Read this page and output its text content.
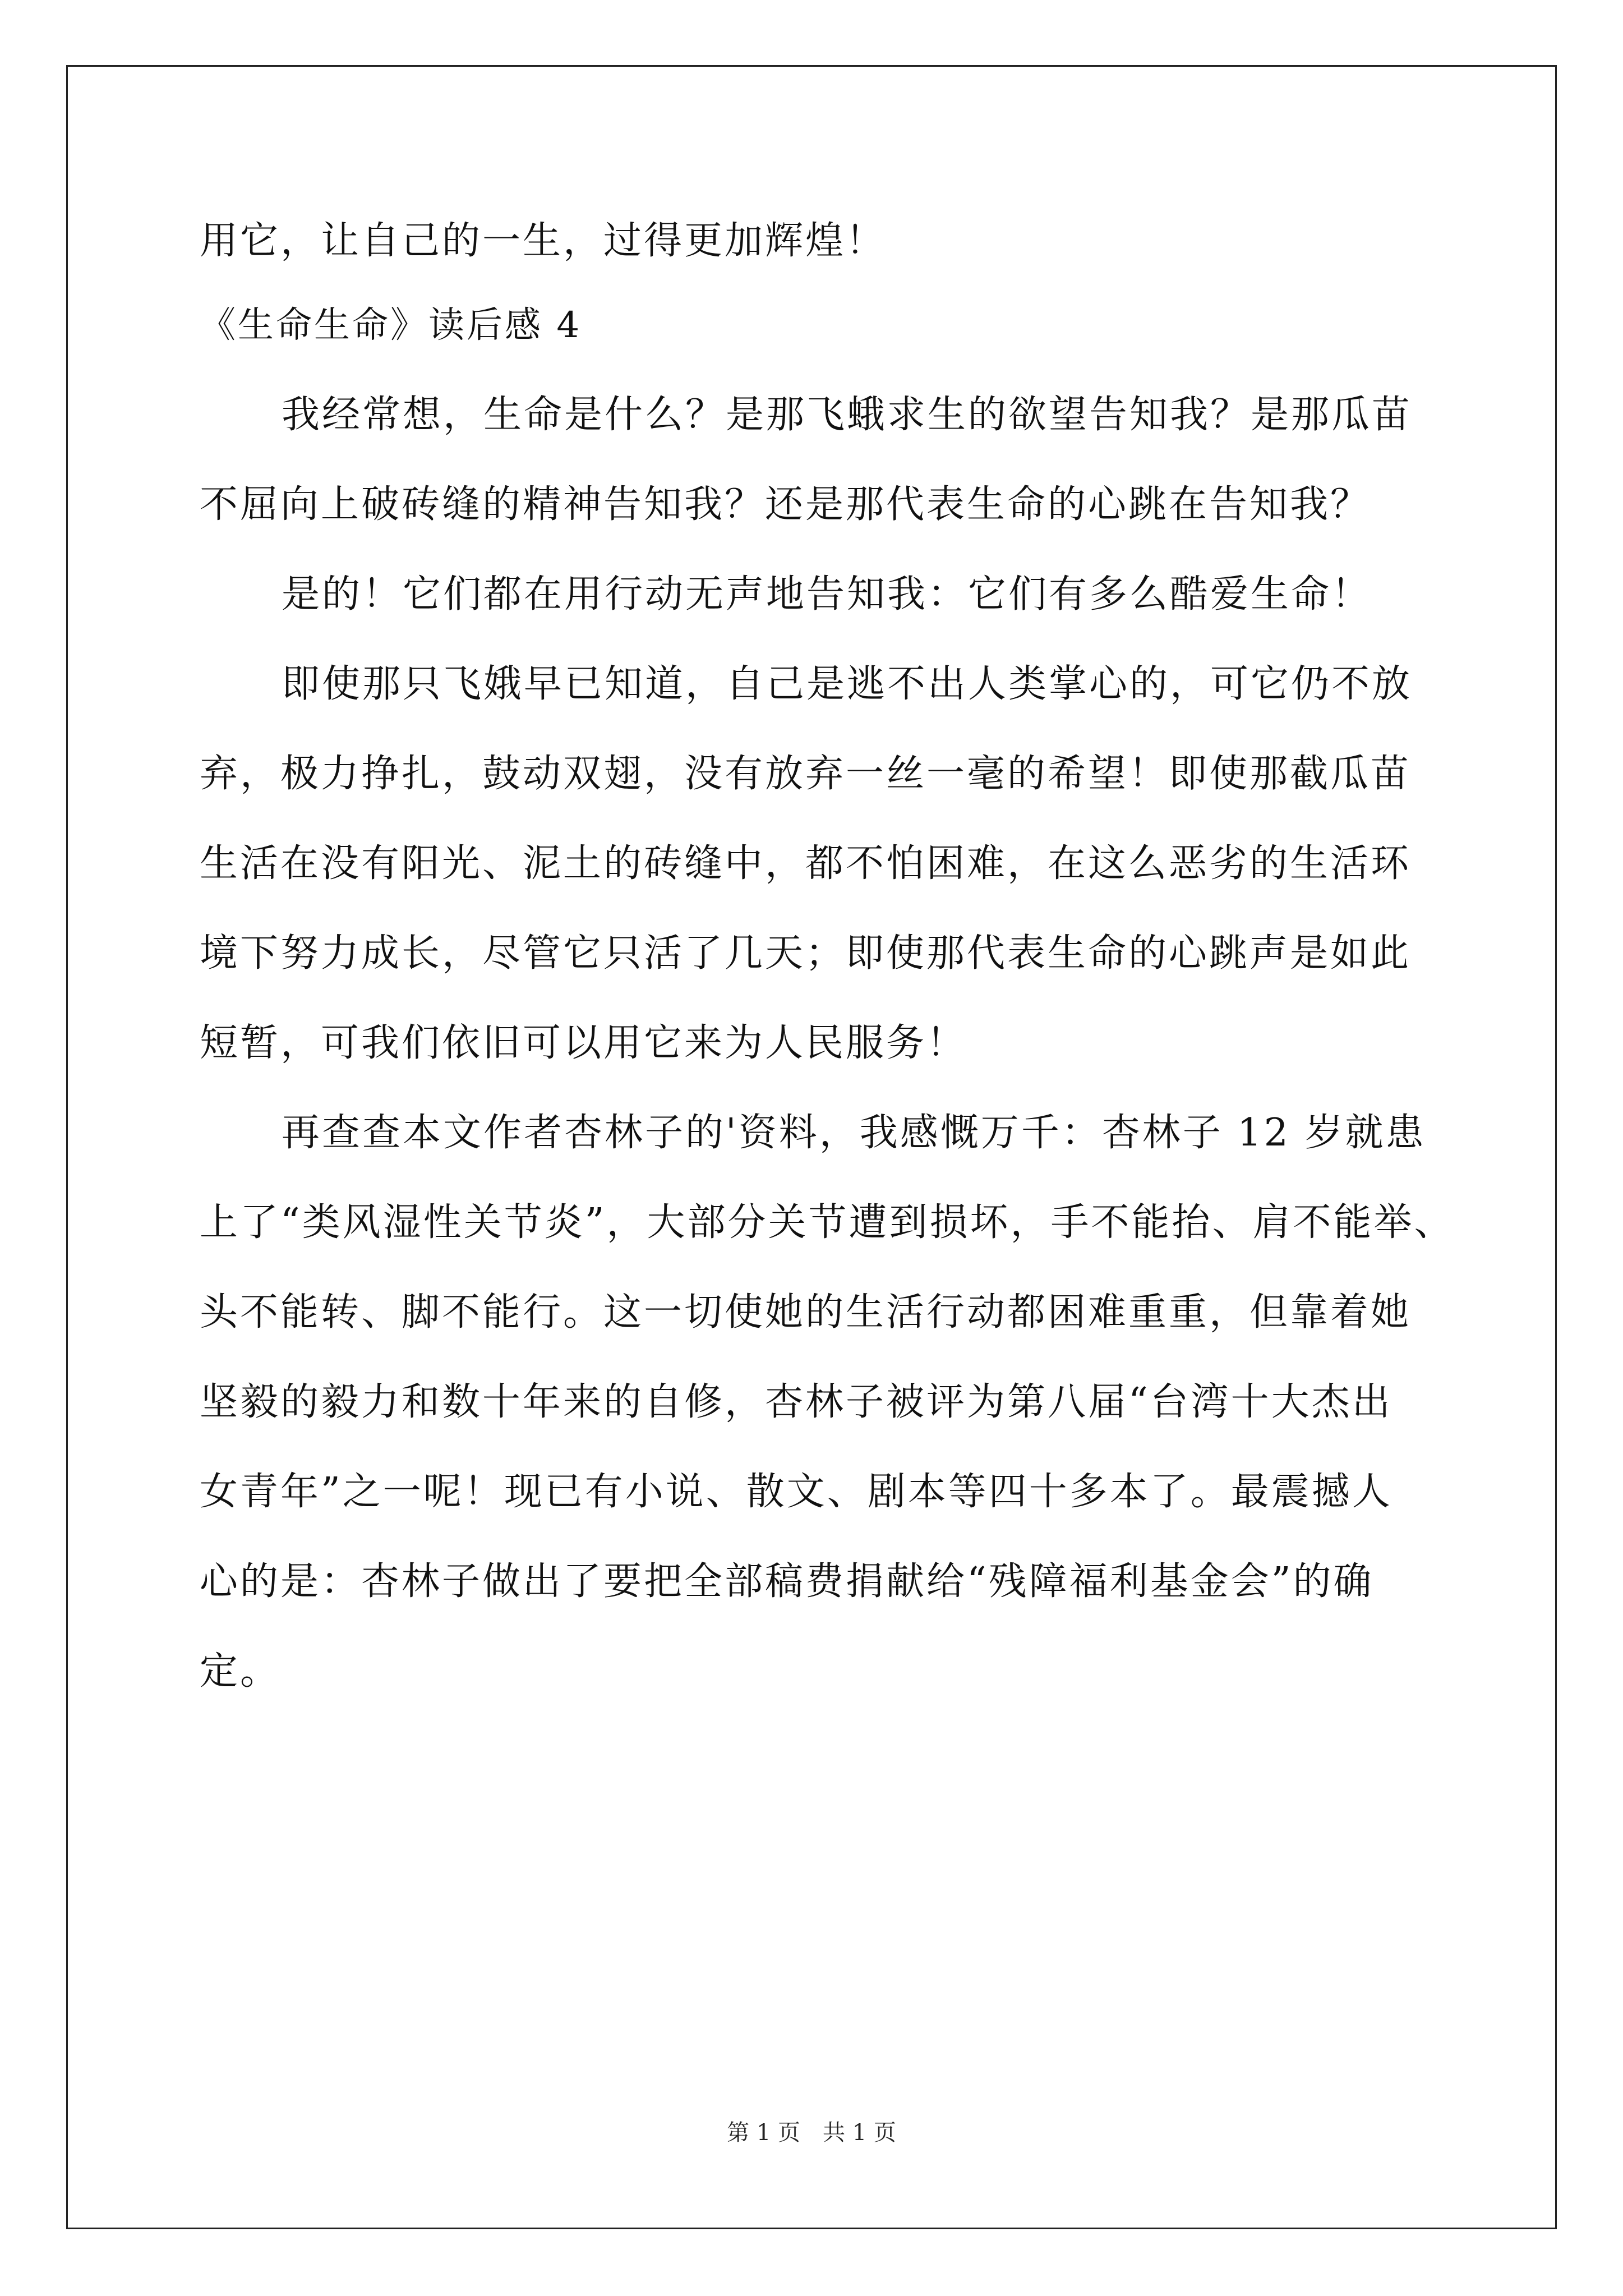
用它，让自己的一生，过得更加辉煌！
《生命生命》读后感 4
我经常想，生命是什么？是那飞蛾求生的欲望告知我？是那瓜苗
不屈向上破砖缝的精神告知我？还是那代表生命的心跳在告知我？
是的！它们都在用行动无声地告知我：它们有多么酷爱生命！
即使那只飞娥早已知道，自己是逃不出人类掌心的，可它仍不放
弃，极力挣扎，鼓动双翅，没有放弃一丝一毫的希望！即使那截瓜苗
生活在没有阳光、泥土的砖缝中，都不怕困难，在这么恶劣的生活环
境下努力成长，尽管它只活了几天；即使那代表生命的心跳声是如此
短暂，可我们依旧可以用它来为人民服务！
再查查本文作者杏林子的'资料，我感慨万千：杏林子 12 岁就患
上了“类风湿性关节炎”，大部分关节遭到损坏，手不能抬、肩不能举、
头不能转、脚不能行。这一切使她的生活行动都困难重重，但靠着她
坚毅的毅力和数十年来的自修，杏林子被评为第八届“台湾十大杰出
女青年”之一呢！现已有小说、散文、剧本等四十多本了。最震撼人
心的是：杏林子做出了要把全部稿费捐献给“残障福利基金会”的确
定。
第 1 页　共 1 页
